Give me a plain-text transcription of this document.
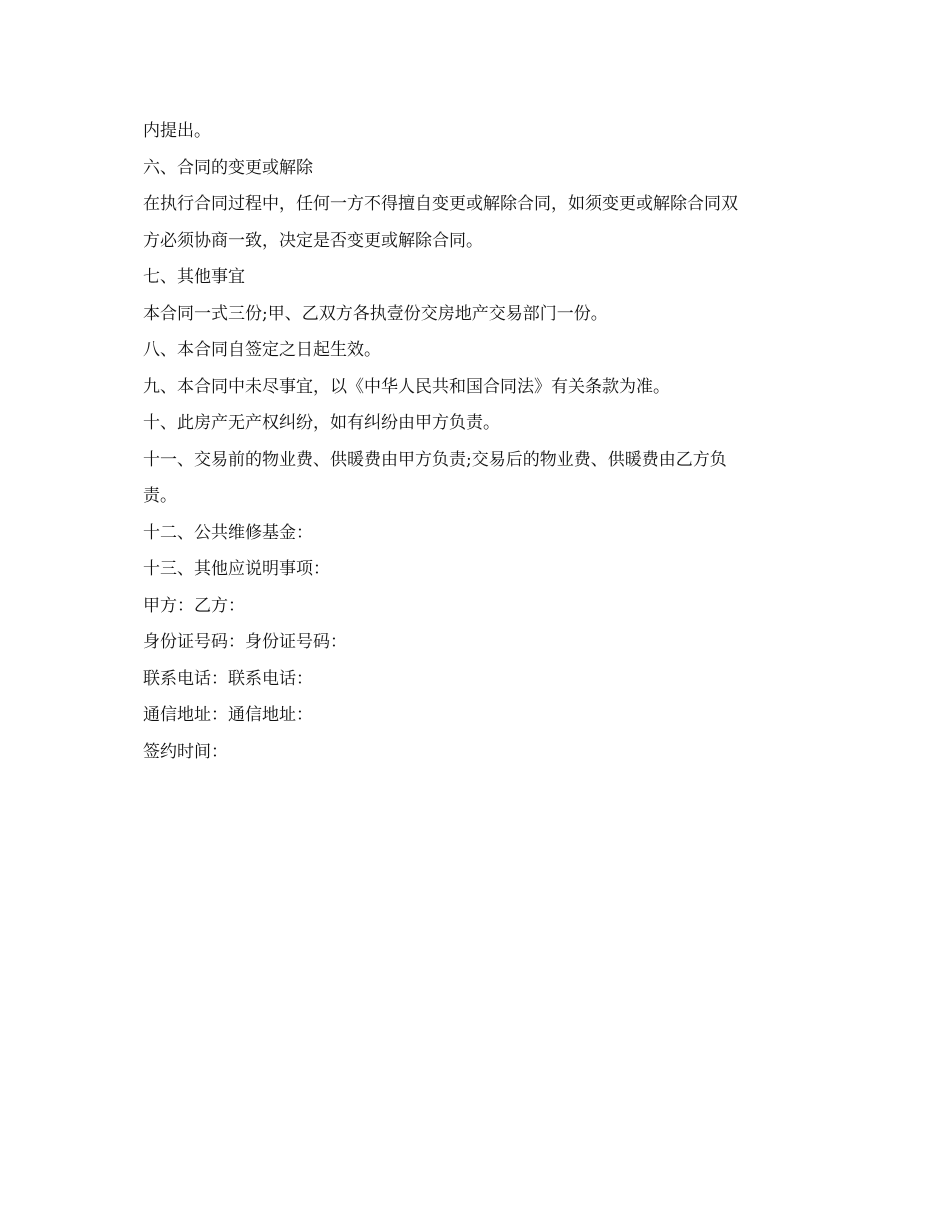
内提出。
六、合同的变更或解除
在执行合同过程中，任何一方不得擅自变更或解除合同，如须变更或解除合同双
方必须协商一致，决定是否变更或解除合同。
七、其他事宜
本合同一式三份;甲、乙双方各执壹份交房地产交易部门一份。
八、本合同自签定之日起生效。
九、本合同中未尽事宜，以《中华人民共和国合同法》有关条款为准。
十、此房产无产权纠纷，如有纠纷由甲方负责。
十一、交易前的物业费、供暖费由甲方负责;交易后的物业费、供暖费由乙方负
责。
十二、公共维修基金：
十三、其他应说明事项：
甲方：乙方：
身份证号码：身份证号码：
联系电话：联系电话：
通信地址：通信地址：
签约时间：
